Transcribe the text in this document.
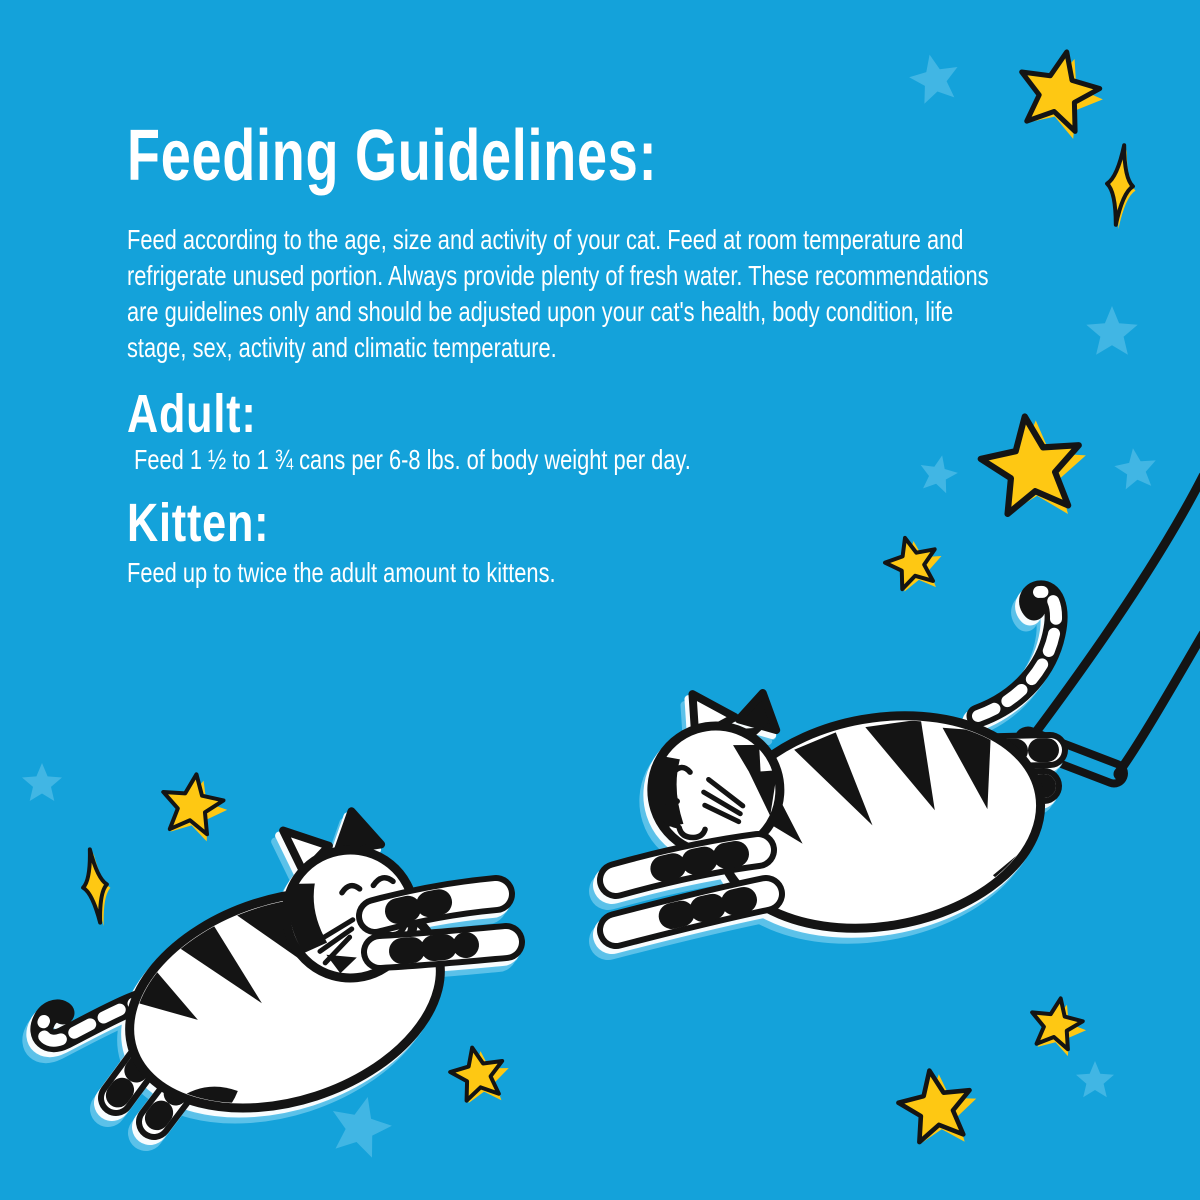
Feeding Guidelines:
Feed according to the age, size and activity of your cat. Feed at room temperature and
refrigerate unused portion. Always provide plenty of fresh water. These recommendations
are guidelines only and should be adjusted upon your cat's health, body condition, life
stage, sex, activity and climatic temperature.
Adult:
Feed 1 ½ to 1 ¾ cans per 6-8 lbs. of body weight per day.
Kitten:
Feed up to twice the adult amount to kittens.
